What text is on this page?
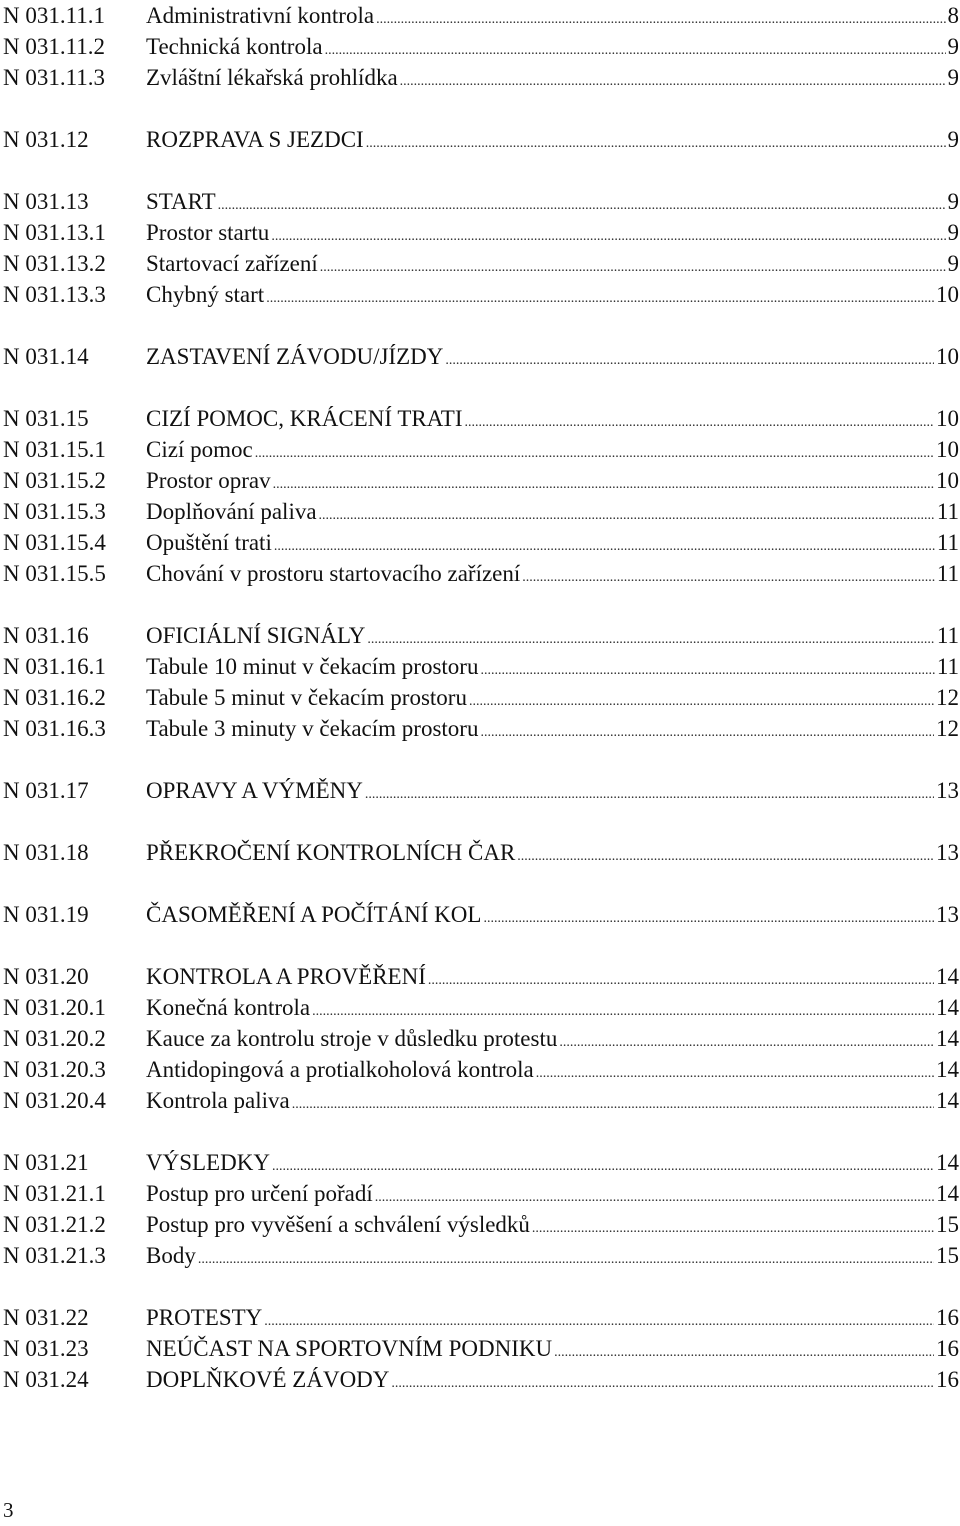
N 031.11.1	Administrativní kontrola .....	8
N 031.11.2	Technická kontrola .....	9
N 031.11.3	Zvláštní lékařská prohlídka .....	9
N 031.12	ROZPRAVA S JEZDCI .....	9
N 031.13	START .....	9
N 031.13.1	Prostor startu .....	9
N 031.13.2	Startovací zařízení .....	9
N 031.13.3	Chybný start .....	10
N 031.14	ZASTAVENÍ ZÁVODU/JÍZDY .....	10
N 031.15	CIZÍ POMOC, KRÁCENÍ TRATI .....	10
N 031.15.1	Cizí pomoc .....	10
N 031.15.2	Prostor oprav .....	10
N 031.15.3	Doplňování paliva .....	11
N 031.15.4	Opuštění trati .....	11
N 031.15.5	Chování v prostoru startovacího zařízení .....	11
N 031.16	OFICIÁLNÍ SIGNÁLY .....	11
N 031.16.1	Tabule 10 minut v čekacím prostoru .....	11
N 031.16.2	Tabule 5 minut v čekacím prostoru .....	12
N 031.16.3	Tabule 3 minuty v čekacím prostoru .....	12
N 031.17	OPRAVY A VÝMĚNY .....	13
N 031.18	PŘEKROČENÍ KONTROLNÍCH ČAR .....	13
N 031.19	ČASOMĚŘENÍ A POČÍTÁNÍ KOL .....	13
N 031.20	KONTROLA A PROVĚŘENÍ .....	14
N 031.20.1	Konečná kontrola .....	14
N 031.20.2	Kauce za kontrolu stroje v důsledku protestu .....	14
N 031.20.3	Antidopingová a protialkoholová kontrola .....	14
N 031.20.4	Kontrola paliva .....	14
N 031.21	VÝSLEDKY .....	14
N 031.21.1	Postup pro určení pořadí .....	14
N 031.21.2	Postup pro vyvěšení a schválení výsledků .....	15
N 031.21.3	Body .....	15
N 031.22	PROTESTY .....	16
N 031.23	NEÚČAST NA SPORTOVNÍM PODNIKU .....	16
N 031.24	DOPLŇKOVÉ ZÁVODY .....	16
3
